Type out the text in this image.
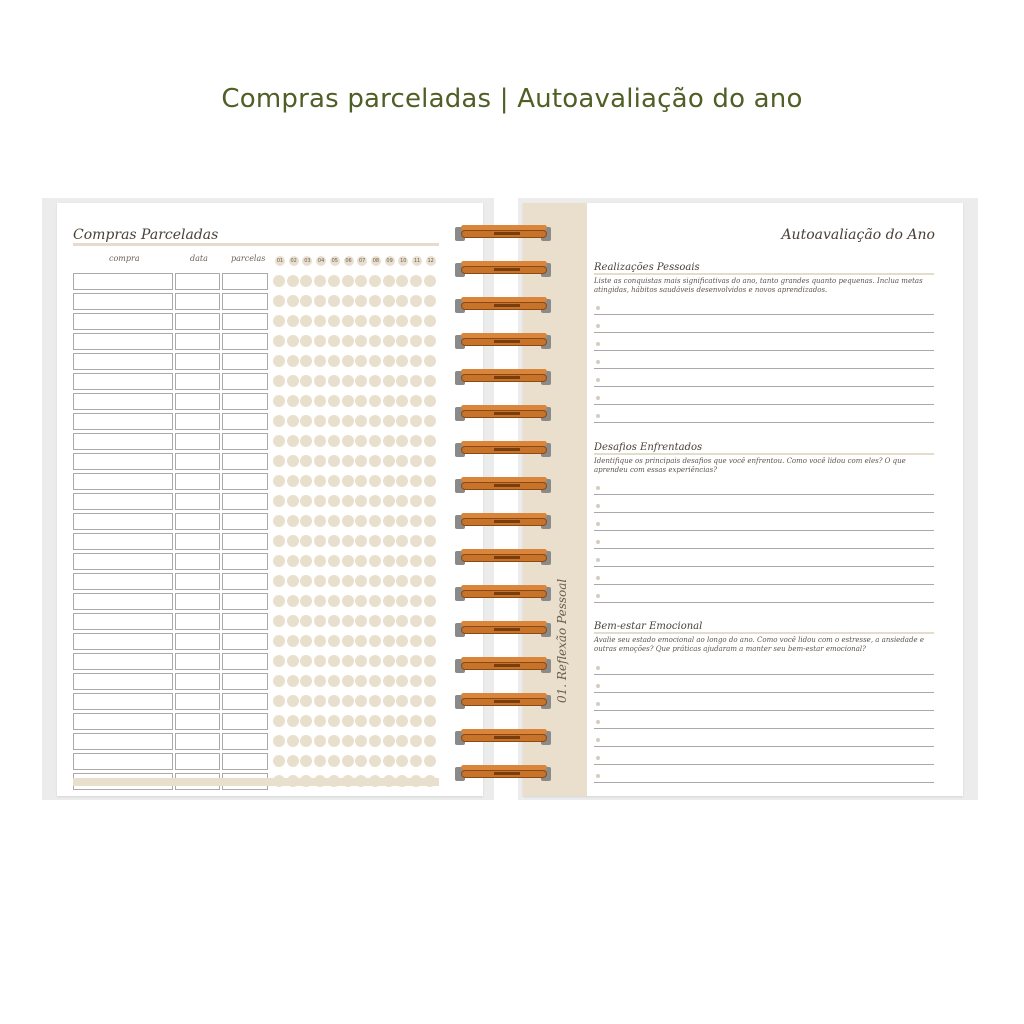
Compras parceladas | Autoavaliação do ano
Compras Parceladas
compra	data	parcelas	01	02	03	04	05	06	07	08	09	10	11	12
01. Reflexão Pessoal
Autoavaliação do Ano
Realizações Pessoais
Liste as conquistas mais significativas do ano, tanto grandes quanto pequenas. Inclua metas atingidas, hábitos saudáveis desenvolvidos e novos aprendizados.
Desafios Enfrentados
Identifique os principais desafios que você enfrentou. Como você lidou com eles? O que aprendeu com essas experiências?
Bem-estar Emocional
Avalie seu estado emocional ao longo do ano. Como você lidou com o estresse, a ansiedade e outras emoções? Que práticas ajudaram a manter seu bem-estar emocional?
